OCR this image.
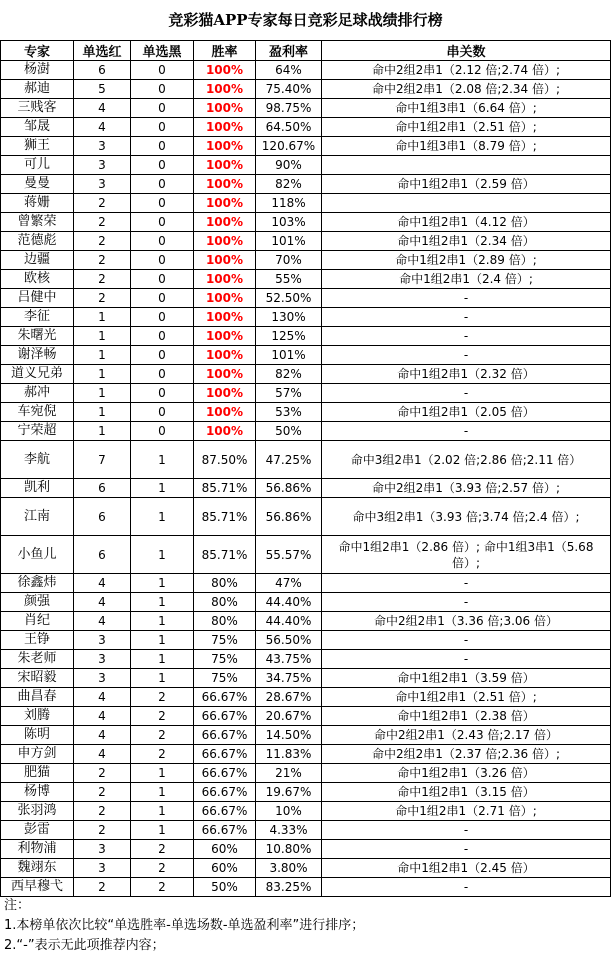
竞彩猫APP专家每日竞彩足球战绩排行榜
专家	单选红	单选黑	胜率	盈利率	串关数
杨澍	6	0	100%	64%	命中2组2串1（2.12 倍;2.74 倍）;
郝迪	5	0	100%	75.40%	命中2组2串1（2.08 倍;2.34 倍）;
三贱客	4	0	100%	98.75%	命中1组3串1（6.64 倍）;
邹晟	4	0	100%	64.50%	命中1组2串1（2.51 倍）;
狮王	3	0	100%	120.67%	命中1组3串1（8.79 倍）;
可儿	3	0	100%	90%	
曼曼	3	0	100%	82%	命中1组2串1（2.59 倍）
蒋姗	2	0	100%	118%	
曾繁荣	2	0	100%	103%	命中1组2串1（4.12 倍）
范德彪	2	0	100%	101%	命中1组2串1（2.34 倍）
边疆	2	0	100%	70%	命中1组2串1（2.89 倍）;
欧核	2	0	100%	55%	命中1组2串1（2.4 倍）;
吕健中	2	0	100%	52.50%	-
李征	1	0	100%	130%	-
朱曙光	1	0	100%	125%	-
谢泽畅	1	0	100%	101%	-
道义兄弟	1	0	100%	82%	命中1组2串1（2.32 倍）
郝冲	1	0	100%	57%	-
车宛倪	1	0	100%	53%	命中1组2串1（2.05 倍）
宁荣超	1	0	100%	50%	-
李航	7	1	87.50%	47.25%	命中3组2串1（2.02 倍;2.86 倍;2.11 倍）
凯利	6	1	85.71%	56.86%	命中2组2串1（3.93 倍;2.57 倍）;
江南	6	1	85.71%	56.86%	命中3组2串1（3.93 倍;3.74 倍;2.4 倍）;
小鱼儿	6	1	85.71%	55.57%	命中1组2串1（2.86 倍）; 命中1组3串1（5.68 倍）;
徐鑫炜	4	1	80%	47%	-
颜强	4	1	80%	44.40%	-
肖纪	4	1	80%	44.40%	命中2组2串1（3.36 倍;3.06 倍）
王铮	3	1	75%	56.50%	-
朱老师	3	1	75%	43.75%	-
宋昭毅	3	1	75%	34.75%	命中1组2串1（3.59 倍）
曲昌春	4	2	66.67%	28.67%	命中1组2串1（2.51 倍）;
刘腾	4	2	66.67%	20.67%	命中1组2串1（2.38 倍）
陈明	4	2	66.67%	14.50%	命中2组2串1（2.43 倍;2.17 倍）
申方剑	4	2	66.67%	11.83%	命中2组2串1（2.37 倍;2.36 倍）;
肥猫	2	1	66.67%	21%	命中1组2串1（3.26 倍）
杨博	2	1	66.67%	19.67%	命中1组2串1（3.15 倍）
张羽鸿	2	1	66.67%	10%	命中1组2串1（2.71 倍）;
彭雷	2	1	66.67%	4.33%	-
利物浦	3	2	60%	10.80%	-
魏翊东	3	2	60%	3.80%	命中1组2串1（2.45 倍）
西早穆弋	2	2	50%	83.25%	-
注：
1.本榜单依次比较“单选胜率-单选场数-单选盈利率”进行排序；
2.“-”表示无此项推荐内容；
